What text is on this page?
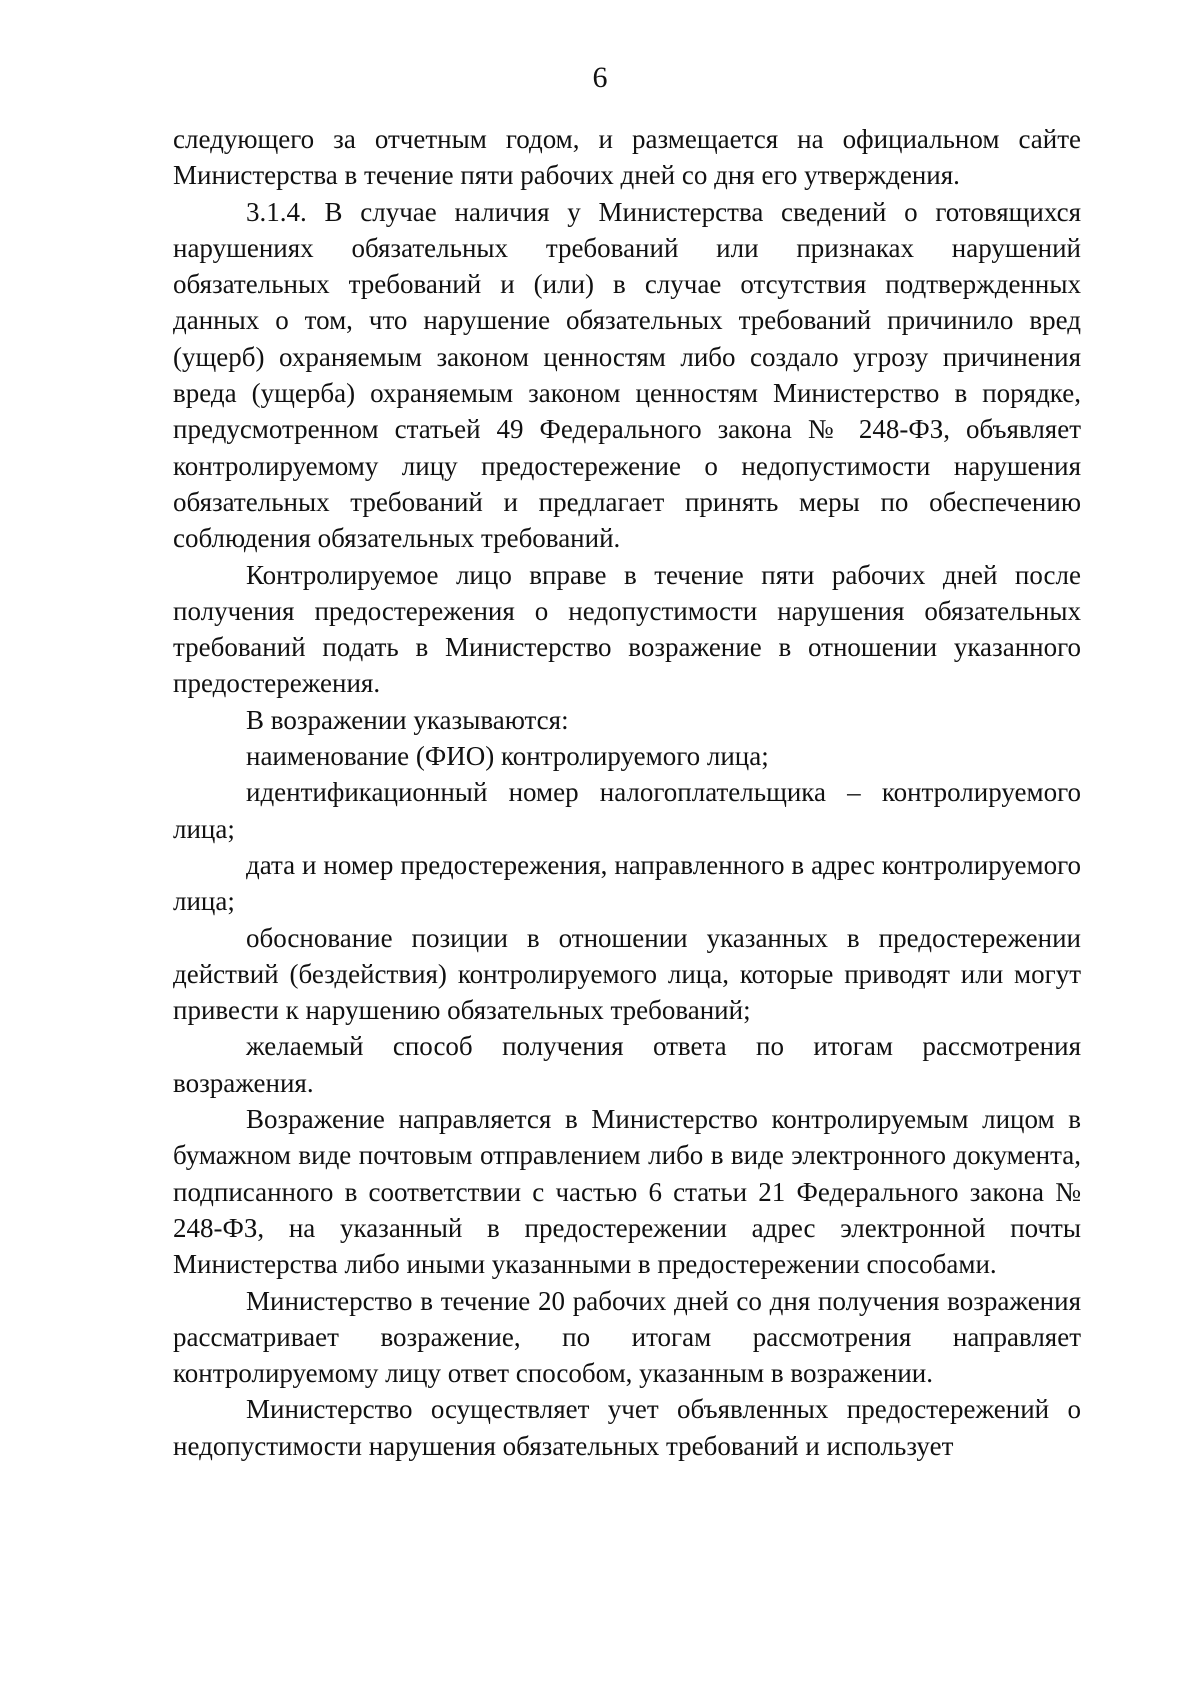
6

следующего за отчетным годом, и размещается на официальном сайте Министерства в течение пяти рабочих дней со дня его утверждения.

3.1.4. В случае наличия у Министерства сведений о готовящихся нарушениях обязательных требований или признаках нарушений обязательных требований и (или) в случае отсутствия подтвержденных данных о том, что нарушение обязательных требований причинило вред (ущерб) охраняемым законом ценностям либо создало угрозу причинения вреда (ущерба) охраняемым законом ценностям Министерство в порядке, предусмотренном статьей 49 Федерального закона № 248-ФЗ, объявляет контролируемому лицу предостережение о недопустимости нарушения обязательных требований и предлагает принять меры по обеспечению соблюдения обязательных требований.

Контролируемое лицо вправе в течение пяти рабочих дней после получения предостережения о недопустимости нарушения обязательных требований подать в Министерство возражение в отношении указанного предостережения.

В возражении указываются:

наименование (ФИО) контролируемого лица;

идентификационный номер налогоплательщика – контролируемого лица;

дата и номер предостережения, направленного в адрес контролируемого лица;

обоснование позиции в отношении указанных в предостережении действий (бездействия) контролируемого лица, которые приводят или могут привести к нарушению обязательных требований;

желаемый способ получения ответа по итогам рассмотрения возражения.

Возражение направляется в Министерство контролируемым лицом в бумажном виде почтовым отправлением либо в виде электронного документа, подписанного в соответствии с частью 6 статьи 21 Федерального закона № 248-ФЗ, на указанный в предостережении адрес электронной почты Министерства либо иными указанными в предостережении способами.

Министерство в течение 20 рабочих дней со дня получения возражения рассматривает возражение, по итогам рассмотрения направляет контролируемому лицу ответ способом, указанным в возражении.

Министерство осуществляет учет объявленных предостережений о недопустимости нарушения обязательных требований и использует
